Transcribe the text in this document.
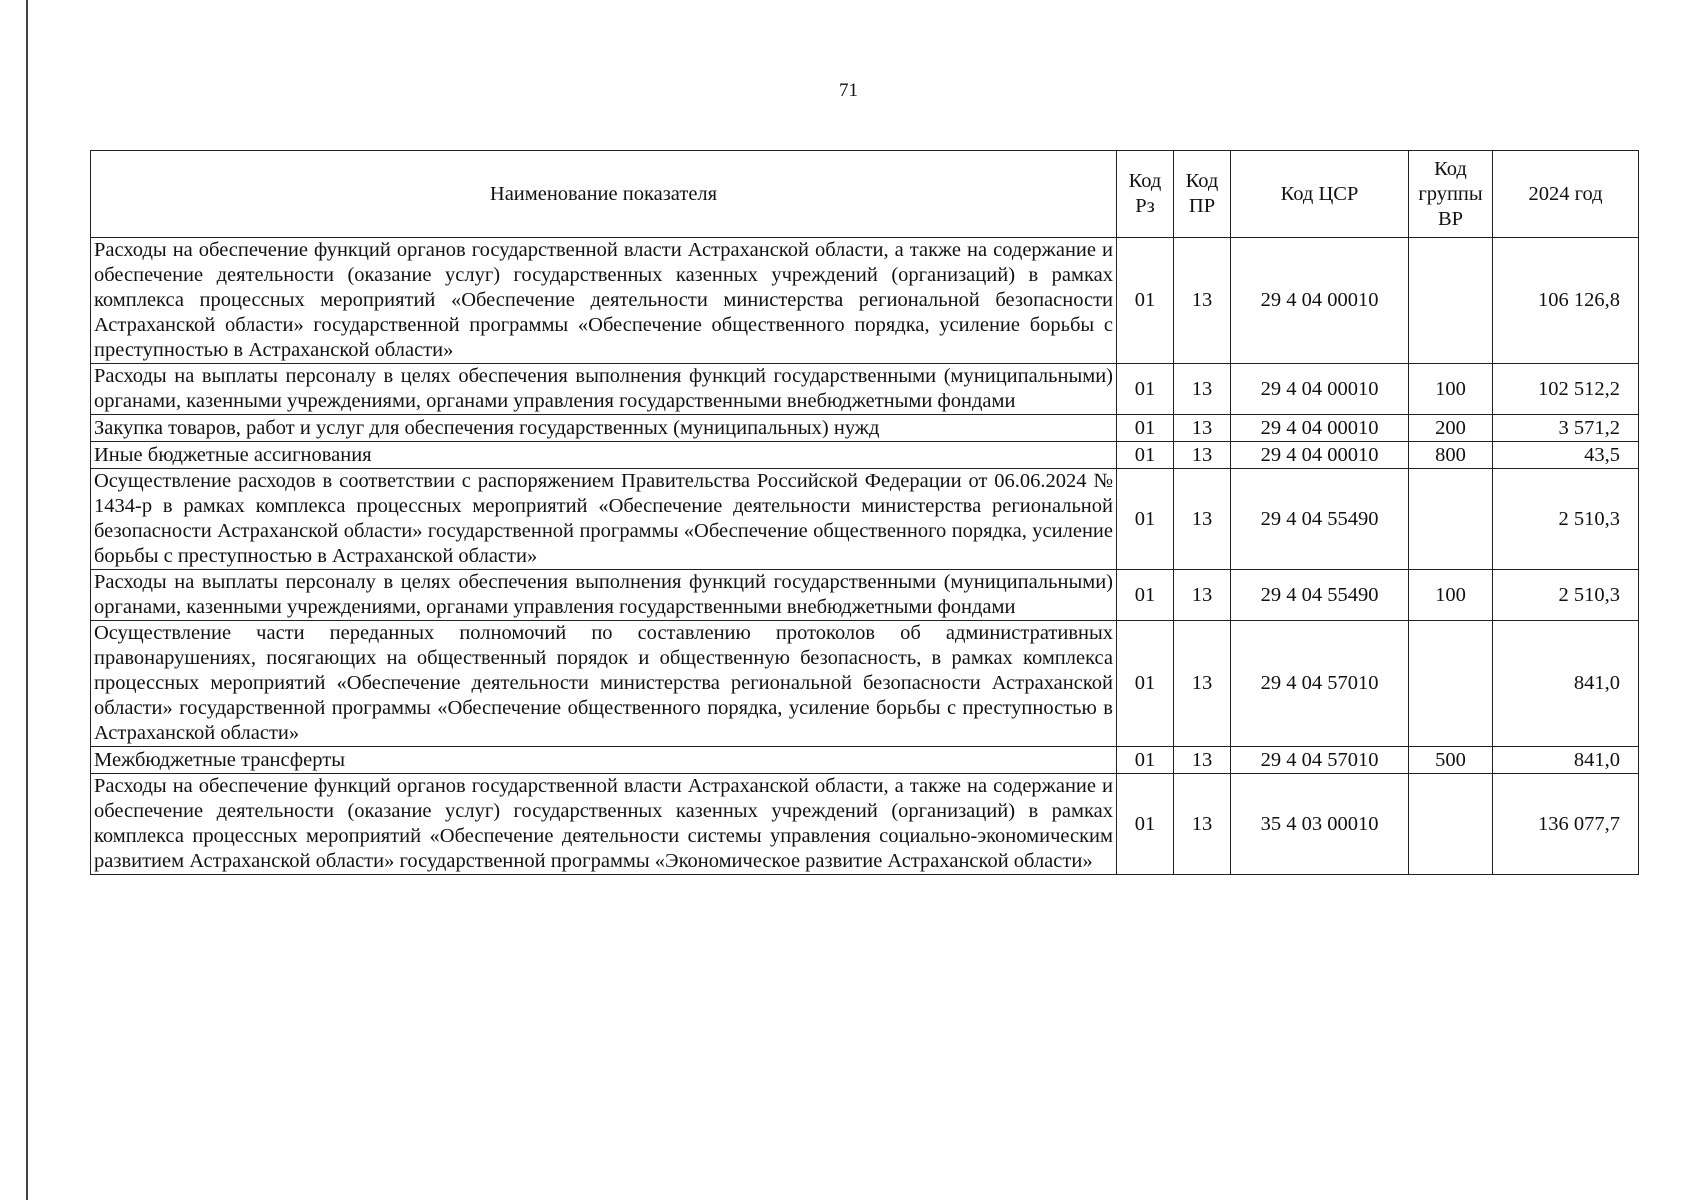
71
Наименование показателя	Код Рз	Код ПР	Код ЦСР	Код группы ВР	2024 год
Расходы на обеспечение функций органов государственной власти Астраханской области, а также на содержание и обеспечение деятельности (оказание услуг) государственных казенных учреждений (организаций) в рамках комплекса процессных мероприятий «Обеспечение деятельности министерства региональной безопасности Астраханской области» государственной программы «Обеспечение общественного порядка, усиление борьбы с преступностью в Астраханской области»	01	13	29 4 04 00010		106 126,8
Расходы на выплаты персоналу в целях обеспечения выполнения функций государственными (муниципальными) органами, казенными учреждениями, органами управления государственными внебюджетными фондами	01	13	29 4 04 00010	100	102 512,2
Закупка товаров, работ и услуг для обеспечения государственных (муниципальных) нужд	01	13	29 4 04 00010	200	3 571,2
Иные бюджетные ассигнования	01	13	29 4 04 00010	800	43,5
Осуществление расходов в соответствии с распоряжением Правительства Российской Федерации от 06.06.2024 № 1434-р в рамках комплекса процессных мероприятий «Обеспечение деятельности министерства региональной безопасности Астраханской области» государственной программы «Обеспечение общественного порядка, усиление борьбы с преступностью в Астраханской области»	01	13	29 4 04 55490		2 510,3
Расходы на выплаты персоналу в целях обеспечения выполнения функций государственными (муниципальными) органами, казенными учреждениями, органами управления государственными внебюджетными фондами	01	13	29 4 04 55490	100	2 510,3
Осуществление части переданных полномочий по составлению протоколов об административных правонарушениях, посягающих на общественный порядок и общественную безопасность, в рамках комплекса процессных мероприятий «Обеспечение деятельности министерства региональной безопасности Астраханской области» государственной программы «Обеспечение общественного порядка, усиление борьбы с преступностью в Астраханской области»	01	13	29 4 04 57010		841,0
Межбюджетные трансферты	01	13	29 4 04 57010	500	841,0
Расходы на обеспечение функций органов государственной власти Астраханской области, а также на содержание и обеспечение деятельности (оказание услуг) государственных казенных учреждений (организаций) в рамках комплекса процессных мероприятий «Обеспечение деятельности системы управления социально-экономическим развитием Астраханской области» государственной программы «Экономическое развитие Астраханской области»	01	13	35 4 03 00010		136 077,7
